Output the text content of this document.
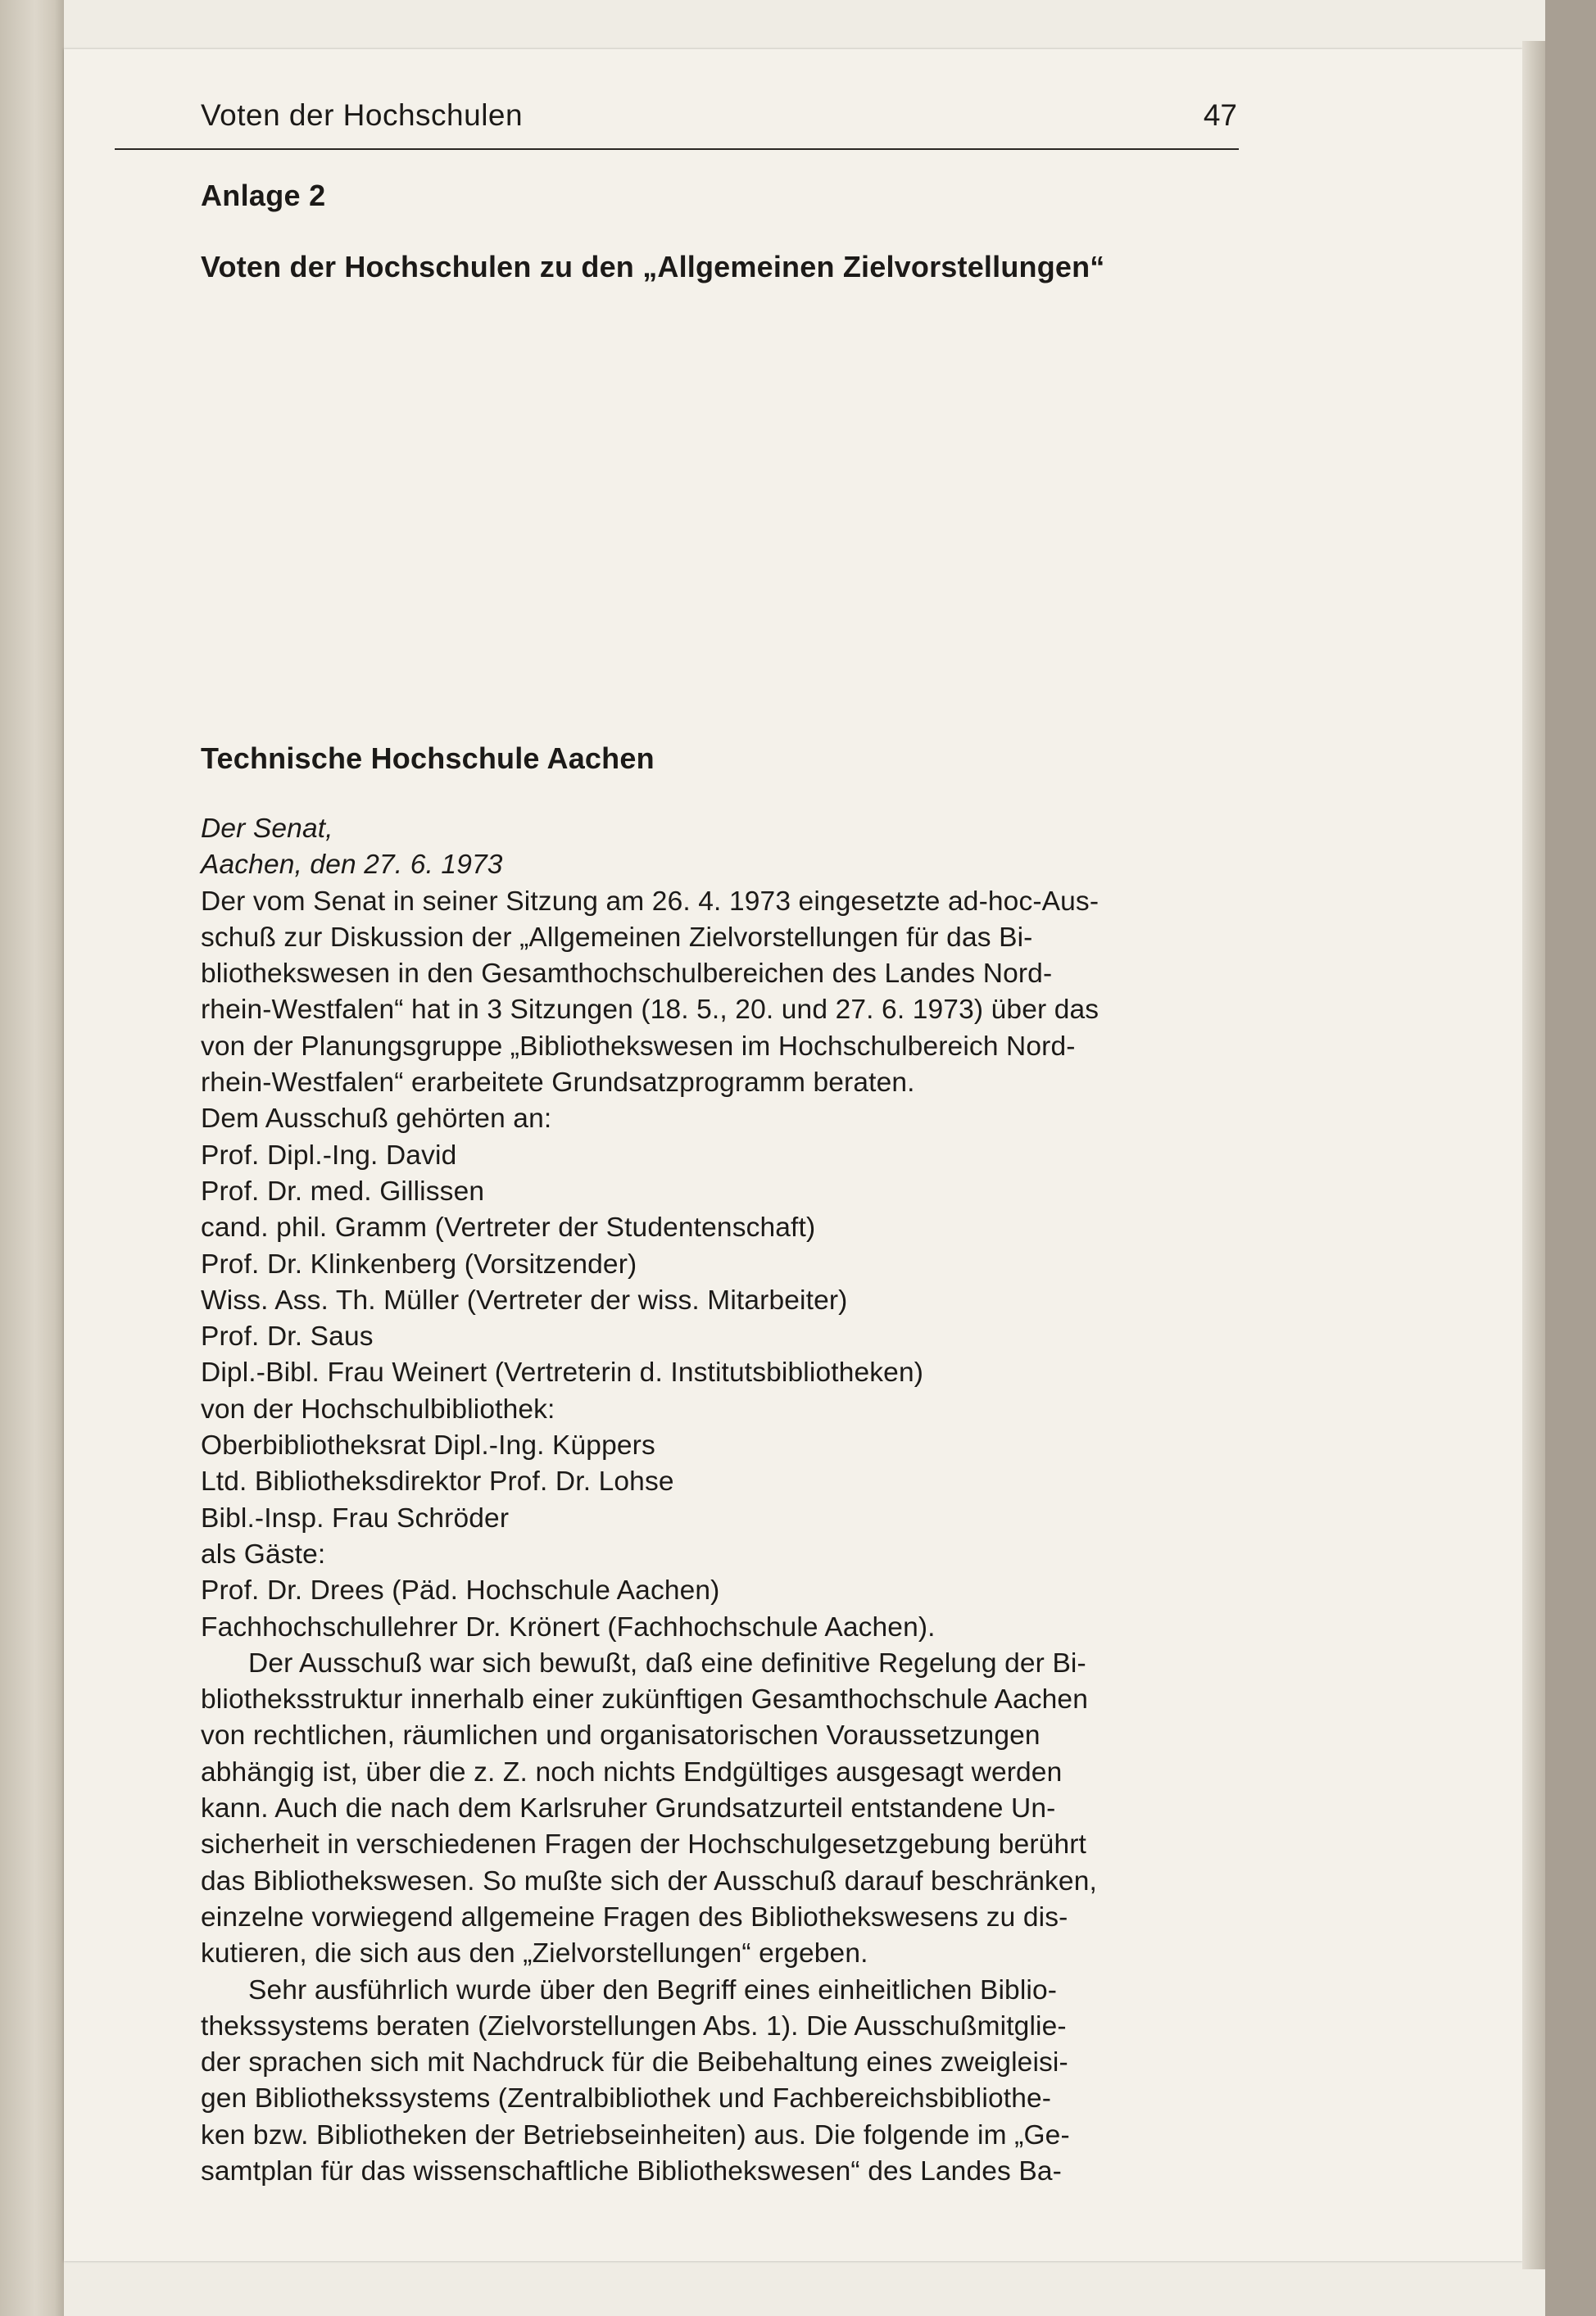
Voten der Hochschulen	47
Anlage 2
Voten der Hochschulen zu den „Allgemeinen Zielvorstellungen“
Technische Hochschule Aachen
Der Senat,
Aachen, den 27. 6. 1973
Der vom Senat in seiner Sitzung am 26. 4. 1973 eingesetzte ad-hoc-Aus-
schuß zur Diskussion der „Allgemeinen Zielvorstellungen für das Bi-
bliothekswesen in den Gesamthochschulbereichen des Landes Nord-
rhein-Westfalen“ hat in 3 Sitzungen (18. 5., 20. und 27. 6. 1973) über das
von der Planungsgruppe „Bibliothekswesen im Hochschulbereich Nord-
rhein-Westfalen“ erarbeitete Grundsatzprogramm beraten.
Dem Ausschuß gehörten an:
Prof. Dipl.-Ing. David
Prof. Dr. med. Gillissen
cand. phil. Gramm (Vertreter der Studentenschaft)
Prof. Dr. Klinkenberg (Vorsitzender)
Wiss. Ass. Th. Müller (Vertreter der wiss. Mitarbeiter)
Prof. Dr. Saus
Dipl.-Bibl. Frau Weinert (Vertreterin d. Institutsbibliotheken)
von der Hochschulbibliothek:
Oberbibliotheksrat Dipl.-Ing. Küppers
Ltd. Bibliotheksdirektor Prof. Dr. Lohse
Bibl.-Insp. Frau Schröder
als Gäste:
Prof. Dr. Drees (Päd. Hochschule Aachen)
Fachhochschullehrer Dr. Krönert (Fachhochschule Aachen).
Der Ausschuß war sich bewußt, daß eine definitive Regelung der Bi-
bliotheksstruktur innerhalb einer zukünftigen Gesamthochschule Aachen
von rechtlichen, räumlichen und organisatorischen Voraussetzungen
abhängig ist, über die z. Z. noch nichts Endgültiges ausgesagt werden
kann. Auch die nach dem Karlsruher Grundsatzurteil entstandene Un-
sicherheit in verschiedenen Fragen der Hochschulgesetzgebung berührt
das Bibliothekswesen. So mußte sich der Ausschuß darauf beschränken,
einzelne vorwiegend allgemeine Fragen des Bibliothekswesens zu dis-
kutieren, die sich aus den „Zielvorstellungen“ ergeben.
Sehr ausführlich wurde über den Begriff eines einheitlichen Biblio-
thekssystems beraten (Zielvorstellungen Abs. 1). Die Ausschußmitglie-
der sprachen sich mit Nachdruck für die Beibehaltung eines zweigleisi-
gen Bibliothekssystems (Zentralbibliothek und Fachbereichsbibliothe-
ken bzw. Bibliotheken der Betriebseinheiten) aus. Die folgende im „Ge-
samtplan für das wissenschaftliche Bibliothekswesen“ des Landes Ba-
